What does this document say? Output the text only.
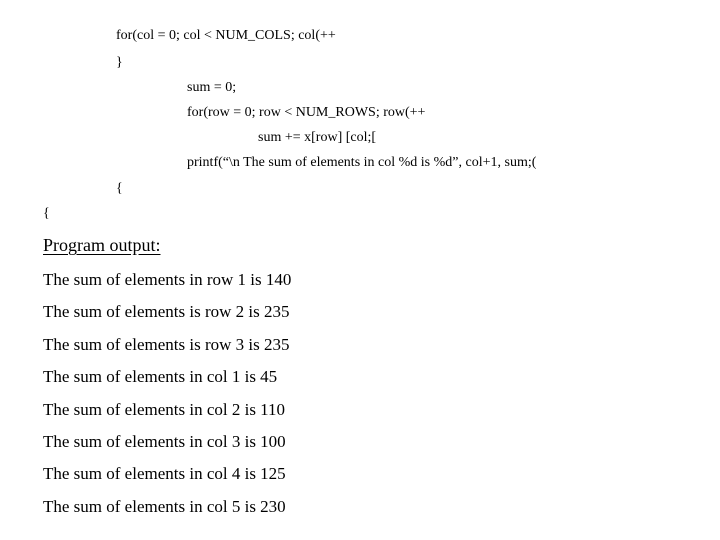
for(col = 0; col < NUM_COLS; col(++
}
sum = 0;
for(row = 0; row < NUM_ROWS; row(++
sum += x[row] [col;[
printf(“\n The sum of elements in col %d is %d”, col+1, sum;(
{
{
Program output:
The sum of elements in row 1 is 140
The sum of elements is row 2 is 235
The sum of elements is row 3 is 235
The sum of elements in col 1 is 45
The sum of elements in col 2 is 110
The sum of elements in col 3 is 100
The sum of elements in col 4 is 125
The sum of elements in col 5 is 230
